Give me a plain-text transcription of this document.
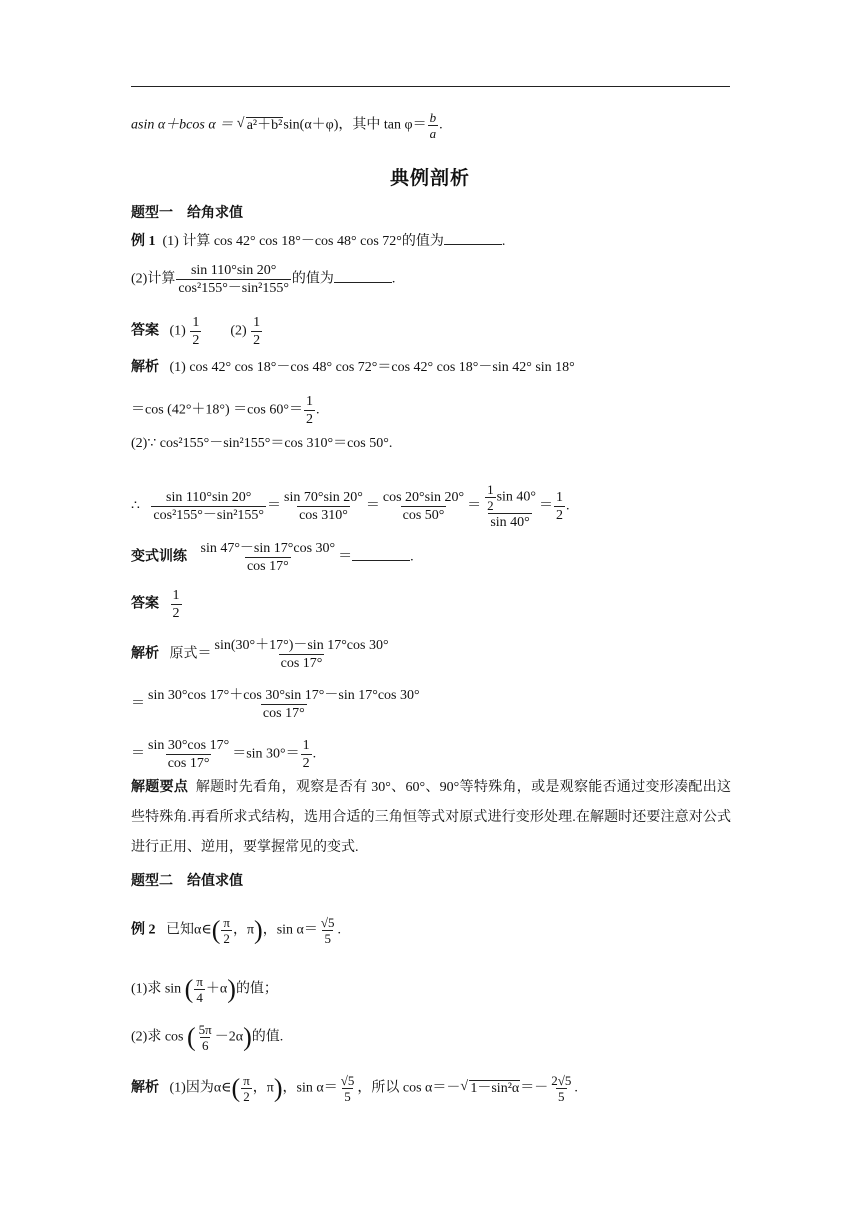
asin α＋bcos α ＝ √ a²＋b²sin(α＋φ)，其中 $\tan \varphi= \frac{b}{a}$ .
典例剖析
题型一　给角求值
例 1 (1) 计算 cos 42° cos 18°－cos 48° cos 72°的值为	.
(2)计算 $\frac{\sin 110^\circ\sin 20^\circ}{\text{cos²155°－sin²155°}}$ 的值为	.
答案 $(1) \frac{1}{2} (2) \frac{1}{2}$
解析 (1) cos 42° cos 18°－cos 48° cos 72°＝cos 42° cos 18°－sin 42° sin 18°
＝cos (42°＋18°) ＝cos $60^\circ= \frac{1}{2}$ .
(2)∵ cos²155°－sin²155°＝cos 310°＝cos 50°.
∴ $\frac{\sin 110^\circ\sin 20^\circ}{\text{cos²155°－sin²155°}} = \frac{\sin 70^\circ\sin 20^\circ}{\cos 310^\circ} = \frac{\cos 20^\circ\sin 20^\circ}{\cos 50^\circ} = \frac{\frac{1}{2} \sin 40^\circ}{\sin 40^\circ} = \frac{1}{2}$ .
变式训练 $\frac{\sin 47^\circ-\sin 17^\circ\cos 30^\circ}{\cos 17^\circ}$ ＝	.
答案 $\frac{1}{2}$
解析 原式＝ $\frac{\sin(30^\circ+17^\circ)-\sin 17^\circ\cos 30^\circ}{\cos 17^\circ}$
＝ $\frac{\sin 30^\circ\cos 17^\circ+\cos 30^\circ\sin 17^\circ-\sin 17^\circ\cos 30^\circ}{\cos 17^\circ}$
＝ $\frac{\sin 30^\circ\cos 17^\circ}{\cos 17^\circ} =\sin$ $30^\circ= \frac{1}{2}$ .
解题要点 解题时先看角，观察是否有 30°、60°、90°等特殊角，或是观察能否通过变形凑配出这些特殊角.再看所求式结构，选用合适的三角恒等式对原式进行变形处理.在解题时还要注意对公式进行正用、逆用，要掌握常见的变式.
题型二　给值求值
例 2 已知α∈( $\frac{\pi}{2}$ ，π)，$\sin \alpha= \frac{√5}{5}$ .
(1)求 sin ( $\frac{\pi}{4} +\alpha$)的值；
(2)求 cos ( $\frac{5\pi}{6} -2\alpha$)的值.
解析 (1)因为α∈( $\frac{\pi}{2}$ ，π)，$\sin \alpha= \frac{√5}{5}$ ，所以 cos α＝－ √ $1-\sin^2\alpha=- \frac{2√5}{5}$ .
